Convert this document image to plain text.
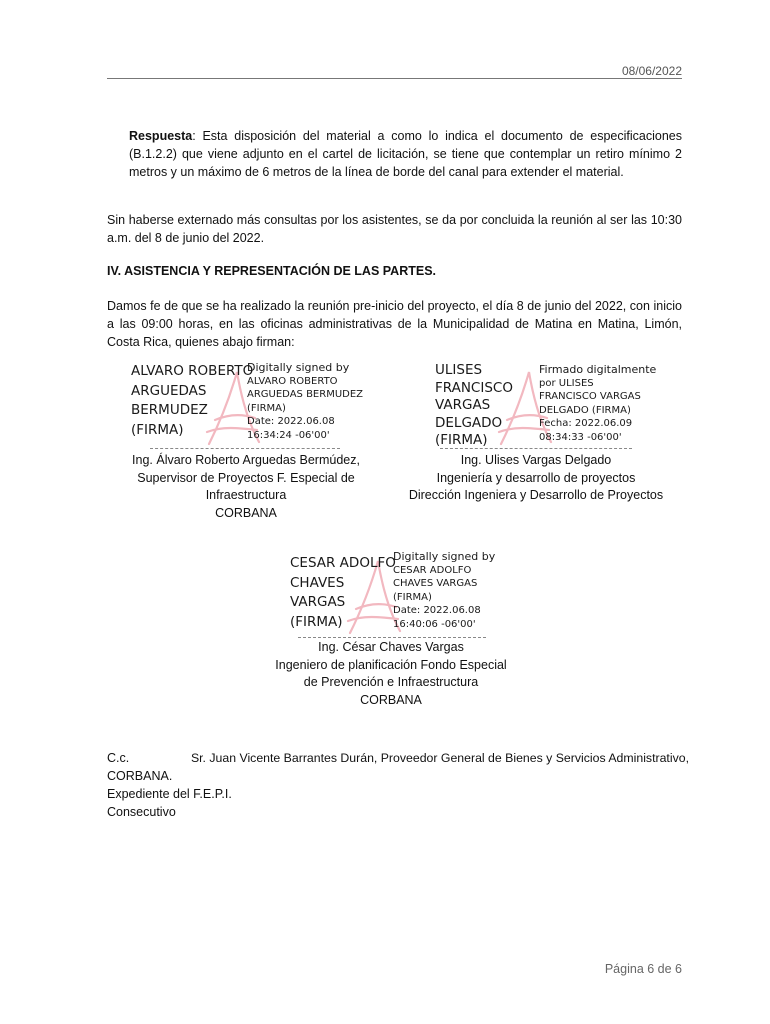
08/06/2022
Respuesta: Esta disposición del material a como lo indica el documento de especificaciones (B.1.2.2) que viene adjunto en el cartel de licitación, se tiene que contemplar un retiro mínimo 2 metros y un máximo de 6 metros de la línea de borde del canal para extender el material.
Sin haberse externado más consultas por los asistentes, se da por concluida la reunión al ser las 10:30 a.m. del 8 de junio del 2022.
IV. ASISTENCIA Y REPRESENTACIÓN DE LAS PARTES.
Damos fe de que se ha realizado la reunión pre-inicio del proyecto, el día 8 de junio del 2022, con inicio a las 09:00 horas, en las oficinas administrativas de la Municipalidad de Matina en Matina, Limón, Costa Rica, quienes abajo firman:
ALVARO ROBERTO
ARGUEDAS
BERMUDEZ
(FIRMA)
Digitally signed by
ALVARO ROBERTO
ARGUEDAS BERMUDEZ
(FIRMA)
Date: 2022.06.08
16:34:24 -06'00'
Ing. Álvaro Roberto Arguedas Bermúdez,
Supervisor de Proyectos F. Especial de
Infraestructura
CORBANA
ULISES
FRANCISCO
VARGAS
DELGADO
(FIRMA)
Firmado digitalmente
por ULISES
FRANCISCO VARGAS
DELGADO (FIRMA)
Fecha: 2022.06.09
08:34:33 -06'00'
Ing. Ulises Vargas Delgado
Ingeniería y desarrollo de proyectos
Dirección Ingeniera y Desarrollo de Proyectos
CESAR ADOLFO
CHAVES
VARGAS
(FIRMA)
Digitally signed by
CESAR ADOLFO
CHAVES VARGAS
(FIRMA)
Date: 2022.06.08
16:40:06 -06'00'
Ing. César Chaves Vargas
Ingeniero de planificación Fondo Especial
de Prevención e Infraestructura
CORBANA
C.c.	Sr. Juan Vicente Barrantes Durán, Proveedor General de Bienes y Servicios Administrativo,
CORBANA.
Expediente del F.E.P.I.
Consecutivo
Página 6 de 6
